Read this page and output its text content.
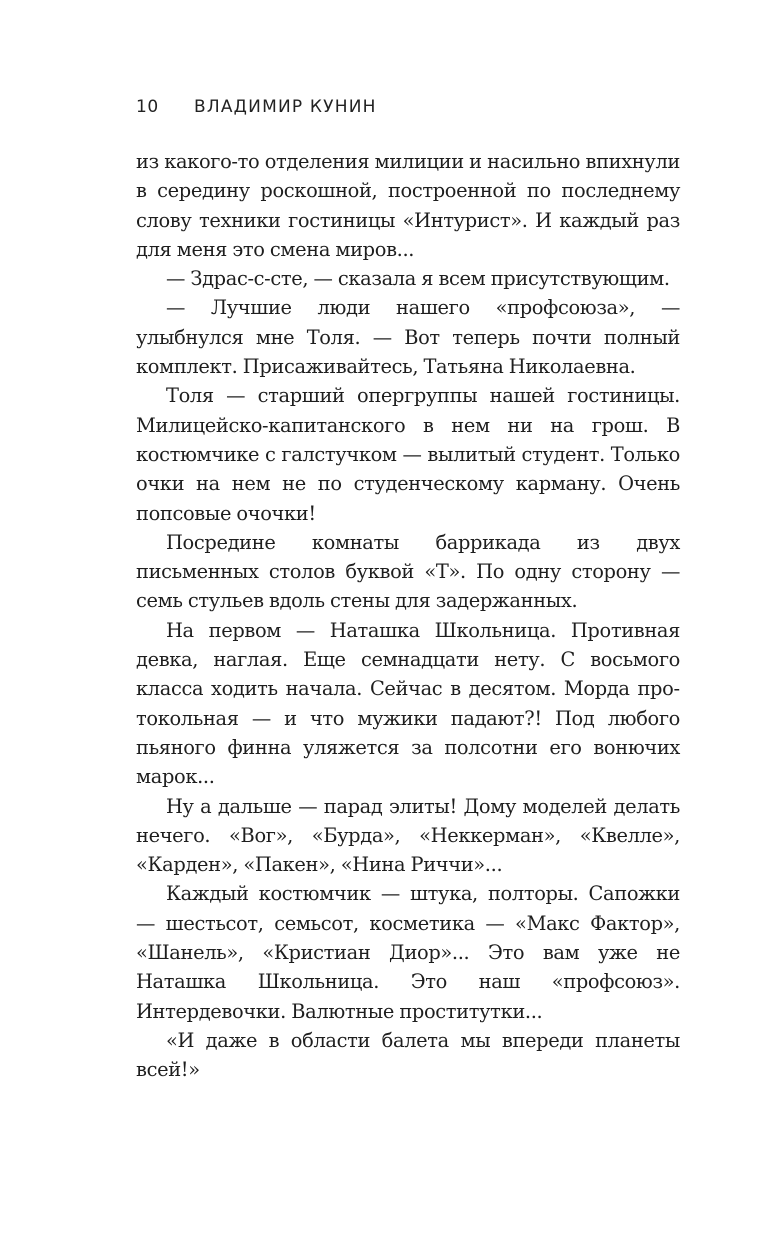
10	ВЛАДИМИР КУНИН

из какого-то отделения милиции и насильно впихнули в середину роскошной, построенной по последнему слову техники гостиницы «Интурист». И каждый раз для меня это смена миров...

— Здрас-с-сте, — сказала я всем присутствующим.

— Лучшие люди нашего «профсоюза», — улыбнулся мне Толя. — Вот теперь почти полный комплект. Присаживайтесь, Татьяна Николаевна.

Толя — старший опергруппы нашей гостиницы. Милицейско-капитанского в нем ни на грош. В костюмчике с галстучком — вылитый студент. Только очки на нем не по студенческому карману. Очень попсовые очочки!

Посредине комнаты баррикада из двух письменных столов буквой «Т». По одну сторону — семь стульев вдоль стены для задержанных.

На первом — Наташка Школьница. Противная девка, наглая. Еще семнадцати нету. С восьмого класса ходить начала. Сейчас в десятом. Морда протокольная — и что мужики падают?! Под любого пьяного финна уляжется за полсотни его вонючих марок...

Ну а дальше — парад элиты! Дому моделей делать нечего. «Вог», «Бурда», «Неккерман», «Квелле», «Карден», «Пакен», «Нина Риччи»...

Каждый костюмчик — штука, полторы. Сапожки — шестьсот, семьсот, косметика — «Макс Фактор», «Шанель», «Кристиан Диор»... Это вам уже не Наташка Школьница. Это наш «профсоюз». Интердевочки. Валютные проститутки...

«И даже в области балета мы впереди планеты всей!»
